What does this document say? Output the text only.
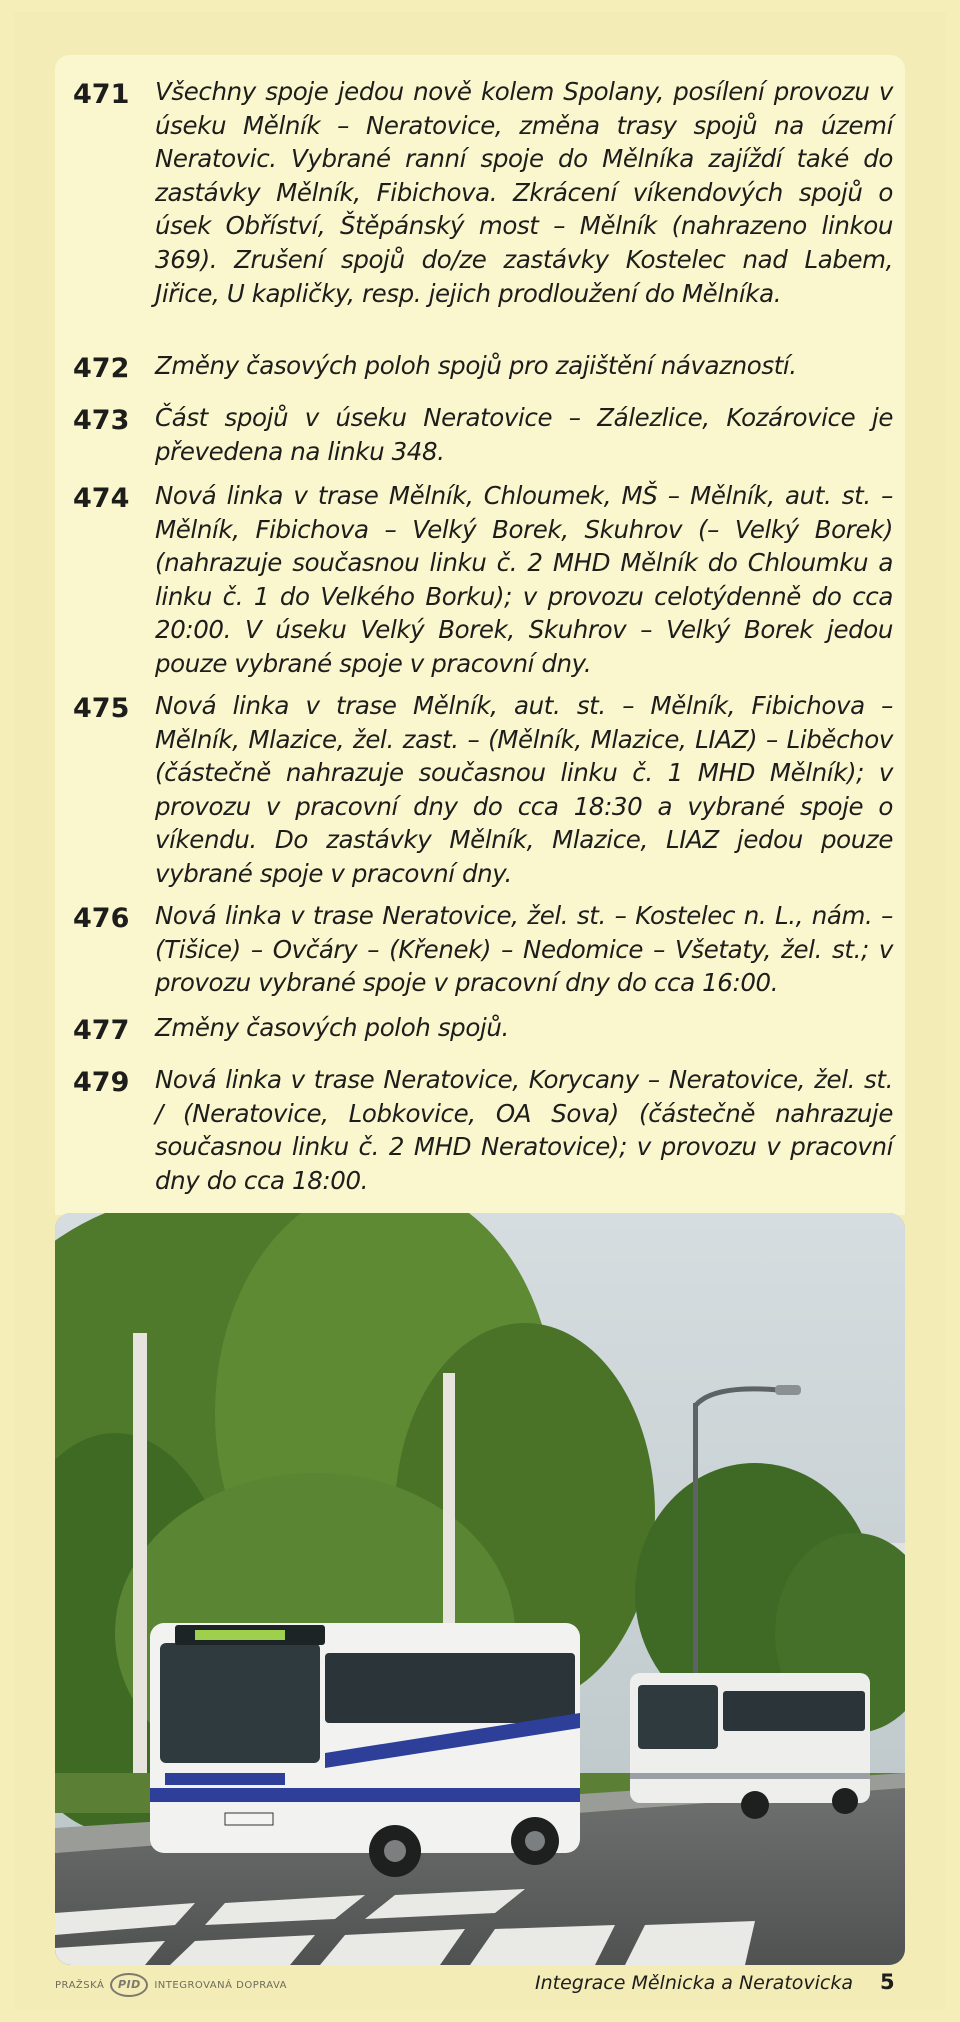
471 Všechny spoje jedou nově kolem Spolany, posílení provozu v úseku Mělník – Neratovice, změna trasy spojů na území Neratovic. Vybrané ranní spoje do Mělníka zajíždí také do zastávky Mělník, Fibichova. Zkrácení víkendových spojů o úsek Obříství, Štěpánský most – Mělník (nahrazeno linkou 369). Zrušení spojů do/ze zastávky Kostelec nad Labem, Jiřice, U kapličky, resp. jejich prodloužení do Mělníka.
472 Změny časových poloh spojů pro zajištění návazností.
473 Část spojů v úseku Neratovice – Zálezlice, Kozárovice je převedena na linku 348.
474 Nová linka v trase Mělník, Chloumek, MŠ – Mělník, aut. st. – Mělník, Fibichova – Velký Borek, Skuhrov (– Velký Borek) (nahrazuje současnou linku č. 2 MHD Mělník do Chloumku a linku č. 1 do Velkého Borku); v provozu celotýdenně do cca 20:00. V úseku Velký Borek, Skuhrov – Velký Borek jedou pouze vybrané spoje v pracovní dny.
475 Nová linka v trase Mělník, aut. st. – Mělník, Fibichova – Mělník, Mlazice, žel. zast. – (Mělník, Mlazice, LIAZ) – Liběchov (částečně nahrazuje současnou linku č. 1 MHD Mělník); v provozu v pracovní dny do cca 18:30 a vybrané spoje o víkendu. Do zastávky Mělník, Mlazice, LIAZ jedou pouze vybrané spoje v pracovní dny.
476 Nová linka v trase Neratovice, žel. st. – Kostelec n. L., nám. – (Tišice) – Ovčáry – (Křenek) – Nedomice – Všetaty, žel. st.; v provozu vybrané spoje v pracovní dny do cca 16:00.
477 Změny časových poloh spojů.
479 Nová linka v trase Neratovice, Korycany – Neratovice, žel. st. / (Neratovice, Lobkovice, OA Sova) (částečně nahrazuje současnou linku č. 2 MHD Neratovice); v provozu v pracovní dny do cca 18:00.
PRAŽSKÁ	PID	INTEGROVANÁ DOPRAVA	Integrace Mělnicka a Neratovicka 5
